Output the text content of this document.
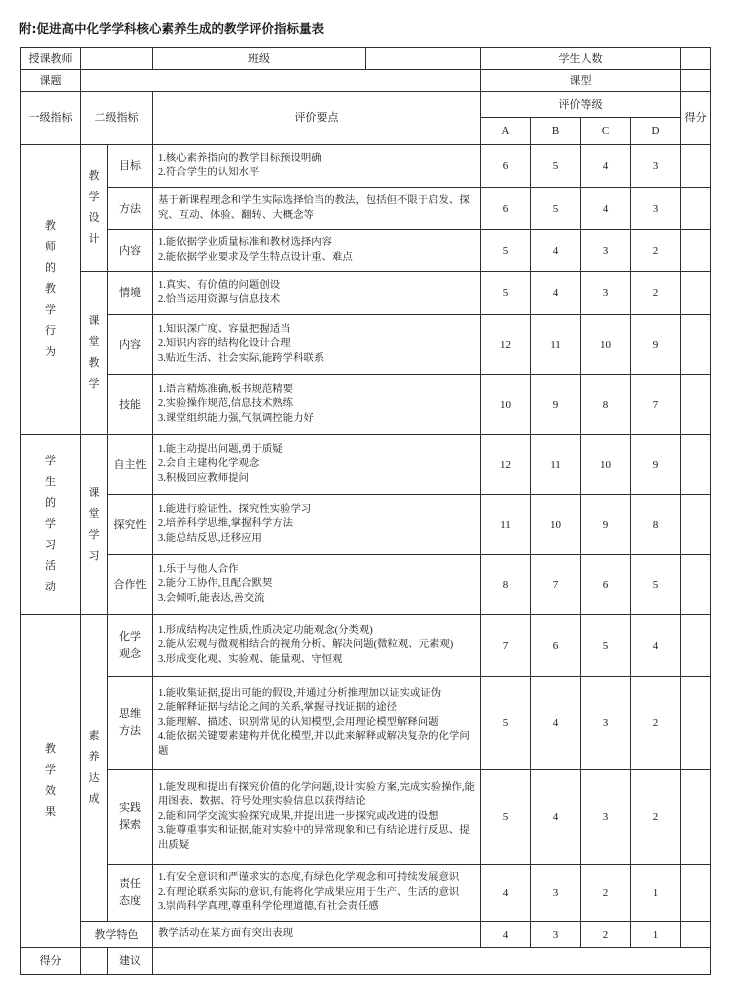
附:促进高中化学学科核心素养生成的教学评价指标量表
授课教师			班级		学生人数				
课题					课型				
一级指标	二级指标		评价要点		评价等级				得分
					A	B	C	D	

教师的教学行为	教学设计	目标	1.核心素养指向的教学目标预设明确
2.符合学生的认知水平		6	5	4	3	
		方法	基于新课程理念和学生实际选择恰当的教法，包括但不限于启发、探究、互动、体验、翻转、大概念等		6	5	4	3	
		内容	1.能依据学业质量标准和教材选择内容
2.能依据学业要求及学生特点设计重、难点		5	4	3	2	

	课堂教学	情境	1.真实、有价值的问题创设
2.恰当运用资源与信息技术		5	4	3	2	
		内容	1.知识深广度、容量把握适当
2.知识内容的结构化设计合理
3.贴近生活、社会实际,能跨学科联系		12	11	10	9	
		技能	1.语言精炼准确,板书规范精要
2.实验操作规范,信息技术熟练
3.课堂组织能力强,气氛调控能力好		10	9	8	7	

学生的学习活动	课堂学习	自主性	1.能主动提出问题,勇于质疑
2.会自主建构化学观念
3.积极回应教师提问		12	11	10	9	
		探究性	1.能进行验证性、探究性实验学习
2.培养科学思维,掌握科学方法
3.能总结反思,迁移应用		11	10	9	8	
		合作性	1.乐于与他人合作
2.能分工协作,且配合默契
3.会倾听,能表达,善交流		8	7	6	5	

教学效果	素养达成	化学观念	1.形成结构决定性质,性质决定功能观念(分类观)
2.能从宏观与微观相结合的视角分析、解决问题(微粒观、元素观)
3.形成变化观、实验观、能量观、守恒观		7	6	5	4	
		思维方法	1.能收集证据,提出可能的假设,并通过分析推理加以证实或证伪
2.能解释证据与结论之间的关系,掌握寻找证据的途径
3.能理解、描述、识别常见的认知模型,会用理论模型解释问题
4.能依据关键要素建构并优化模型,并以此来解释或解决复杂的化学问题		5	4	3	2	
		实践探索	1.能发现和提出有探究价值的化学问题,设计实验方案,完成实验操作,能用图表、数据、符号处理实验信息以获得结论
2.能和同学交流实验探究成果,并提出进一步探究或改进的设想
3.能尊重事实和证据,能对实验中的异常现象和已有结论进行反思、提出质疑		5	4	3	2	
		责任态度	1.有安全意识和严谨求实的态度,有绿色化学观念和可持续发展意识
2.有理论联系实际的意识,有能将化学成果应用于生产、生活的意识
3.崇尚科学真理,尊重科学伦理道德,有社会责任感		4	3	2	1	
	教学特色		教学活动在某方面有突出表现		4	3	2	1	
得分		建议							
